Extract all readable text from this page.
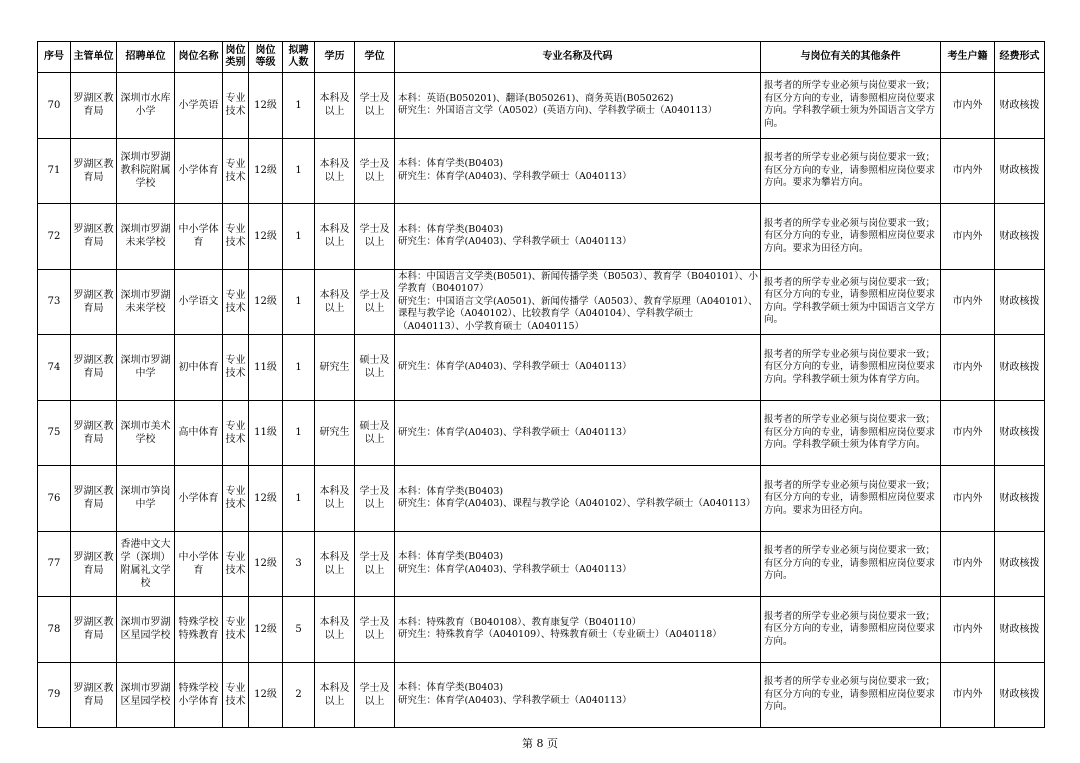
序号	主管单位	招聘单位	岗位名称	岗位类别	岗位等级	拟聘人数	学历	学位	专业名称及代码	与岗位有关的其他条件	考生户籍	经费形式
70	罗湖区教育局	深圳市水库小学	小学英语	专业技术	12级	1	本科及以上	学士及以上	本科：英语(B050201)、翻译(B050261)、商务英语(B050262)
研究生：外国语言文学（A0502）(英语方向)、学科教学硕士（A040113）	报考者的所学专业必须与岗位要求一致；有区分方向的专业，请参照相应岗位要求方向。学科教学硕士须为外国语言文学方向。	市内外	财政核拨
71	罗湖区教育局	深圳市罗湖教科院附属学校	小学体育	专业技术	12级	1	本科及以上	学士及以上	本科：体育学类(B0403)
研究生：体育学(A0403)、学科教学硕士（A040113）	报考者的所学专业必须与岗位要求一致；有区分方向的专业，请参照相应岗位要求方向。要求为攀岩方向。	市内外	财政核拨
72	罗湖区教育局	深圳市罗湖未来学校	中小学体育	专业技术	12级	1	本科及以上	学士及以上	本科：体育学类(B0403)
研究生：体育学(A0403)、学科教学硕士（A040113）	报考者的所学专业必须与岗位要求一致；有区分方向的专业，请参照相应岗位要求方向。要求为田径方向。	市内外	财政核拨
73	罗湖区教育局	深圳市罗湖未来学校	小学语文	专业技术	12级	1	本科及以上	学士及以上	本科：中国语言文学类(B0501)、新闻传播学类（B0503）、教育学（B040101）、小学教育（B040107）
研究生：中国语言文学(A0501)、新闻传播学（A0503）、教育学原理（A040101）、课程与教学论（A040102）、比较教育学（A040104）、学科教学硕士（A040113）、小学教育硕士（A040115）	报考者的所学专业必须与岗位要求一致；有区分方向的专业，请参照相应岗位要求方向。学科教学硕士须为中国语言文学方向。	市内外	财政核拨
74	罗湖区教育局	深圳市罗湖中学	初中体育	专业技术	11级	1	研究生	硕士及以上	研究生：体育学(A0403)、学科教学硕士（A040113）	报考者的所学专业必须与岗位要求一致；有区分方向的专业，请参照相应岗位要求方向。学科教学硕士须为体育学方向。	市内外	财政核拨
75	罗湖区教育局	深圳市美术学校	高中体育	专业技术	11级	1	研究生	硕士及以上	研究生：体育学(A0403)、学科教学硕士（A040113）	报考者的所学专业必须与岗位要求一致；有区分方向的专业，请参照相应岗位要求方向。学科教学硕士须为体育学方向。	市内外	财政核拨
76	罗湖区教育局	深圳市笋岗中学	小学体育	专业技术	12级	1	本科及以上	学士及以上	本科：体育学类(B0403)
研究生：体育学(A0403)、课程与教学论（A040102）、学科教学硕士（A040113）	报考者的所学专业必须与岗位要求一致；有区分方向的专业，请参照相应岗位要求方向。要求为田径方向。	市内外	财政核拨
77	罗湖区教育局	香港中文大学（深圳）附属礼文学校	中小学体育	专业技术	12级	3	本科及以上	学士及以上	本科：体育学类(B0403)
研究生：体育学(A0403)、学科教学硕士（A040113）	报考者的所学专业必须与岗位要求一致；有区分方向的专业，请参照相应岗位要求方向。	市内外	财政核拨
78	罗湖区教育局	深圳市罗湖区星园学校	特殊学校特殊教育	专业技术	12级	5	本科及以上	学士及以上	本科：特殊教育（B040108）、教育康复学（B040110）
研究生：特殊教育学（A040109）、特殊教育硕士（专业硕士）（A040118）	报考者的所学专业必须与岗位要求一致；有区分方向的专业，请参照相应岗位要求方向。	市内外	财政核拨
79	罗湖区教育局	深圳市罗湖区星园学校	特殊学校小学体育	专业技术	12级	2	本科及以上	学士及以上	本科：体育学类(B0403)
研究生：体育学(A0403)、学科教学硕士（A040113）	报考者的所学专业必须与岗位要求一致；有区分方向的专业，请参照相应岗位要求方向。	市内外	财政核拨
第 8 页
